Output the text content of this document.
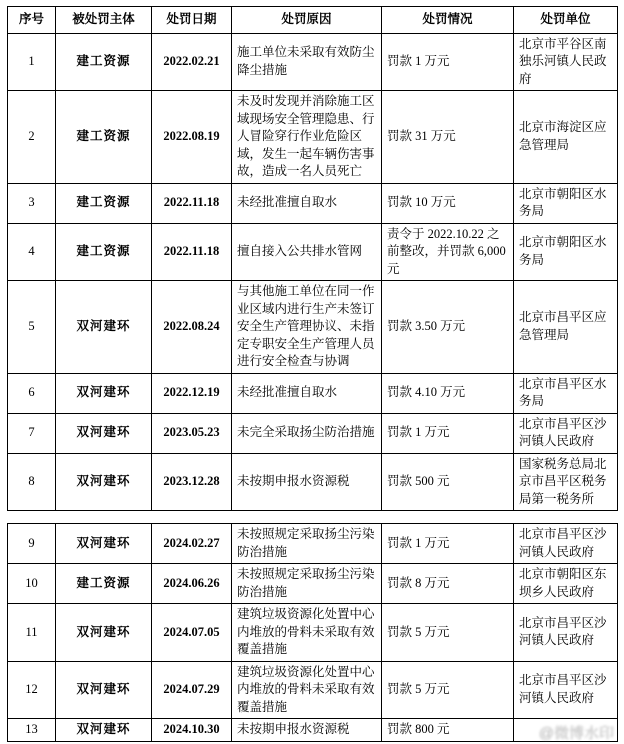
序号	被处罚主体	处罚日期	处罚原因	处罚情况	处罚单位
1	建工资源	2022.02.21	施工单位未采取有效防尘降尘措施	罚款 1 万元	北京市平谷区南独乐河镇人民政府
2	建工资源	2022.08.19	未及时发现并消除施工区域现场安全管理隐患、行人冒险穿行作业危险区域，发生一起车辆伤害事故，造成一名人员死亡	罚款 31 万元	北京市海淀区应急管理局
3	建工资源	2022.11.18	未经批准擅自取水	罚款 10 万元	北京市朝阳区水务局
4	建工资源	2022.11.18	擅自接入公共排水管网	责令于 2022.10.22 之前整改，并罚款 6,000 元	北京市朝阳区水务局
5	双河建环	2022.08.24	与其他施工单位在同一作业区域内进行生产未签订安全生产管理协议、未指定专职安全生产管理人员进行安全检查与协调	罚款 3.50 万元	北京市昌平区应急管理局
6	双河建环	2022.12.19	未经批准擅自取水	罚款 4.10 万元	北京市昌平区水务局
7	双河建环	2023.05.23	未完全采取扬尘防治措施	罚款 1 万元	北京市昌平区沙河镇人民政府
8	双河建环	2023.12.28	未按期申报水资源税	罚款 500 元	国家税务总局北京市昌平区税务局第一税务所
9	双河建环	2024.02.27	未按照规定采取扬尘污染防治措施	罚款 1 万元	北京市昌平区沙河镇人民政府
10	建工资源	2024.06.26	未按照规定采取扬尘污染防治措施	罚款 8 万元	北京市朝阳区东坝乡人民政府
11	双河建环	2024.07.05	建筑垃圾资源化处置中心内堆放的骨料未采取有效覆盖措施	罚款 5 万元	北京市昌平区沙河镇人民政府
12	双河建环	2024.07.29	建筑垃圾资源化处置中心内堆放的骨料未采取有效覆盖措施	罚款 5 万元	北京市昌平区沙河镇人民政府
13	双河建环	2024.10.30	未按期申报水资源税	罚款 800 元		@微博水印
